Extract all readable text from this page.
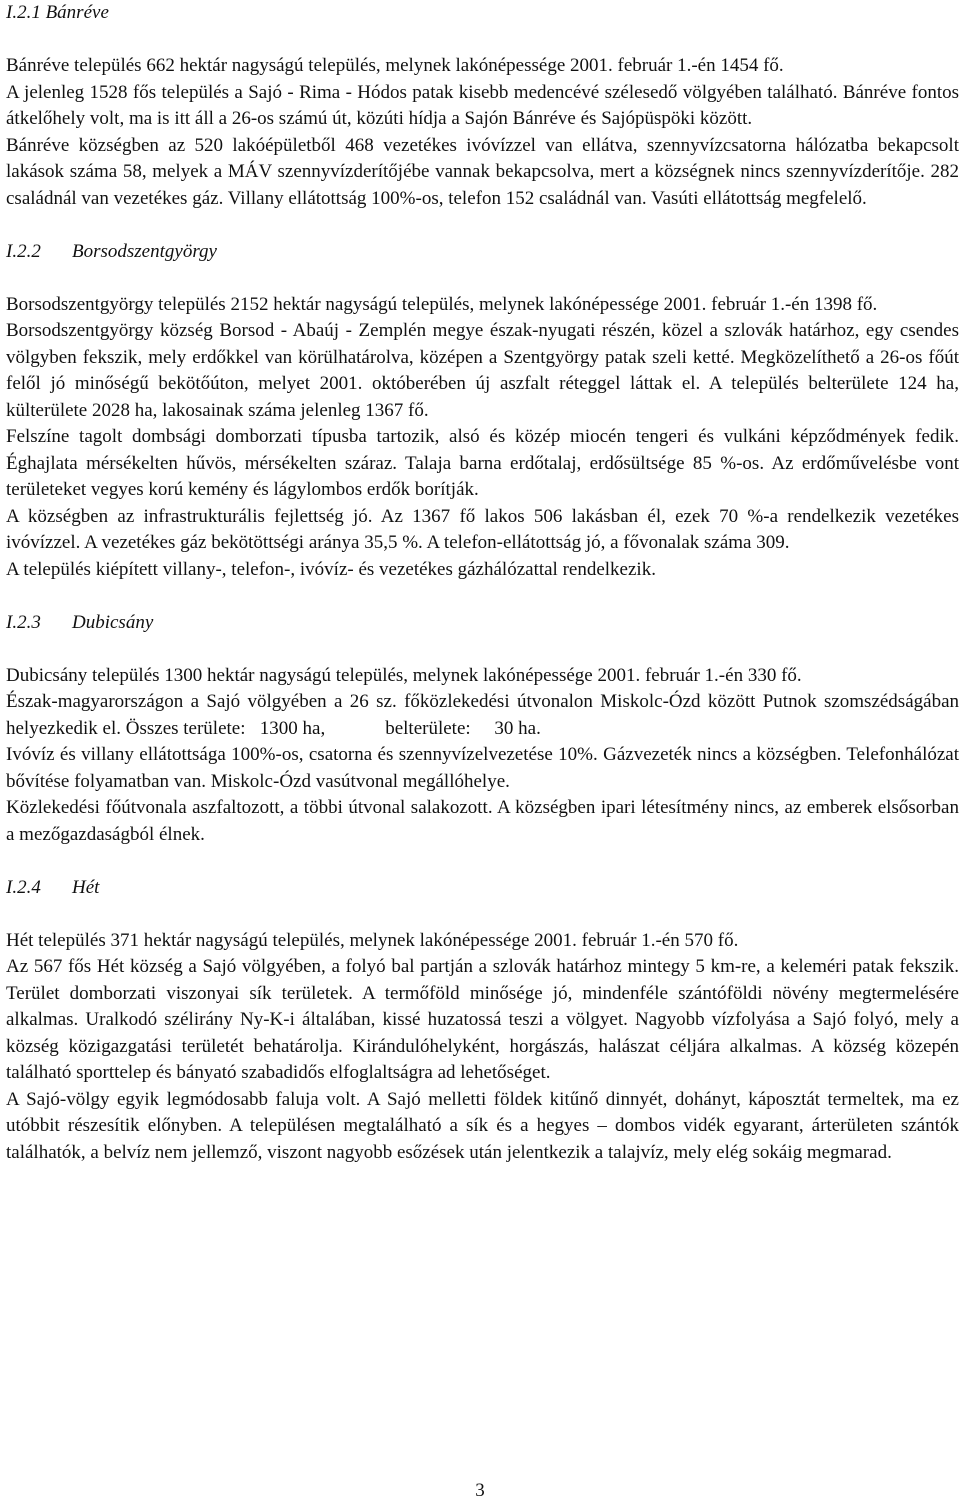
I.2.1 Bánréve

Bánréve település 662 hektár nagyságú település, melynek lakónépessége 2001. február 1.-én 1454 fő.

A jelenleg 1528 fős település a Sajó - Rima - Hódos patak kisebb medencévé szélesedő völgyében található. Bánréve fontos átkelőhely volt, ma is itt áll a 26-os számú út, közúti hídja a Sajón Bánréve és Sajópüspöki között.

Bánréve községben az 520 lakóépületből 468 vezetékes ivóvízzel van ellátva, szennyvízcsatorna hálózatba bekapcsolt lakások száma 58, melyek a MÁV szennyvízderítőjébe vannak bekapcsolva, mert a községnek nincs szennyvízderítője. 282 családnál van vezetékes gáz. Villany ellátottság 100%-os, telefon 152 családnál van. Vasúti ellátottság megfelelő.

I.2.2 Borsodszentgyörgy

Borsodszentgyörgy település 2152 hektár nagyságú település, melynek lakónépessége 2001. február 1.-én 1398 fő.

Borsodszentgyörgy község Borsod - Abaúj - Zemplén megye észak-nyugati részén, közel a szlovák határhoz, egy csendes völgyben fekszik, mely erdőkkel van körülhatárolva, középen a Szentgyörgy patak szeli ketté. Megközelíthető a 26-os főút felől jó minőségű bekötőúton, melyet 2001. októberében új aszfalt réteggel láttak el. A település belterülete 124 ha, külterülete 2028 ha, lakosainak száma jelenleg 1367 fő.

Felszíne tagolt dombsági domborzati típusba tartozik, alsó és közép miocén tengeri és vulkáni képződmények fedik. Éghajlata mérsékelten hűvös, mérsékelten száraz. Talaja barna erdőtalaj, erdősültsége 85 %-os. Az erdőművelésbe vont területeket vegyes korú kemény és lágylombos erdők borítják.

A községben az infrastrukturális fejlettség jó. Az 1367 fő lakos 506 lakásban él, ezek 70 %-a rendelkezik vezetékes ivóvízzel. A vezetékes gáz bekötöttségi aránya 35,5 %. A telefon-ellátottság jó, a fővonalak száma 309.

A település kiépített villany-, telefon-, ivóvíz- és vezetékes gázhálózattal rendelkezik.

I.2.3 Dubicsány

Dubicsány település 1300 hektár nagyságú település, melynek lakónépessége 2001. február 1.-én 330 fő.

Észak-magyarországon a Sajó völgyében a 26 sz. főközlekedési útvonalon Miskolc-Ózd között Putnok szomszédságában helyezkedik el. Összes területe: 1300 ha,	belterülete: 30 ha.

Ivóvíz és villany ellátottsága 100%-os, csatorna és szennyvízelvezetése 10%. Gázvezeték nincs a községben. Telefonhálózat bővítése folyamatban van. Miskolc-Ózd vasútvonal megállóhelye.

Közlekedési főútvonala aszfaltozott, a többi útvonal salakozott. A községben ipari létesítmény nincs, az emberek elsősorban a mezőgazdaságból élnek.

I.2.4 Hét

Hét település 371 hektár nagyságú település, melynek lakónépessége 2001. február 1.-én 570 fő.

Az 567 fős Hét község a Sajó völgyében, a folyó bal partján a szlovák határhoz mintegy 5 km-re, a keleméri patak fekszik. Terület domborzati viszonyai sík területek. A termőföld minősége jó, mindenféle szántóföldi növény megtermelésére alkalmas. Uralkodó szélirány Ny-K-i általában, kissé huzatossá teszi a völgyet. Nagyobb vízfolyása a Sajó folyó, mely a község közigazgatási területét behatárolja. Kirándulóhelyként, horgászás, halászat céljára alkalmas. A község közepén található sporttelep és bányató szabadidős elfoglaltságra ad lehetőséget.

A Sajó-völgy egyik legmódosabb faluja volt. A Sajó melletti földek kitűnő dinnyét, dohányt, káposztát termeltek, ma ez utóbbit részesítik előnyben. A településen megtalálható a sík és a hegyes – dombos vidék egyarant, árterületen szántók találhatók, a belvíz nem jellemző, viszont nagyobb esőzések után jelentkezik a talajvíz, mely elég sokáig megmarad.

3
